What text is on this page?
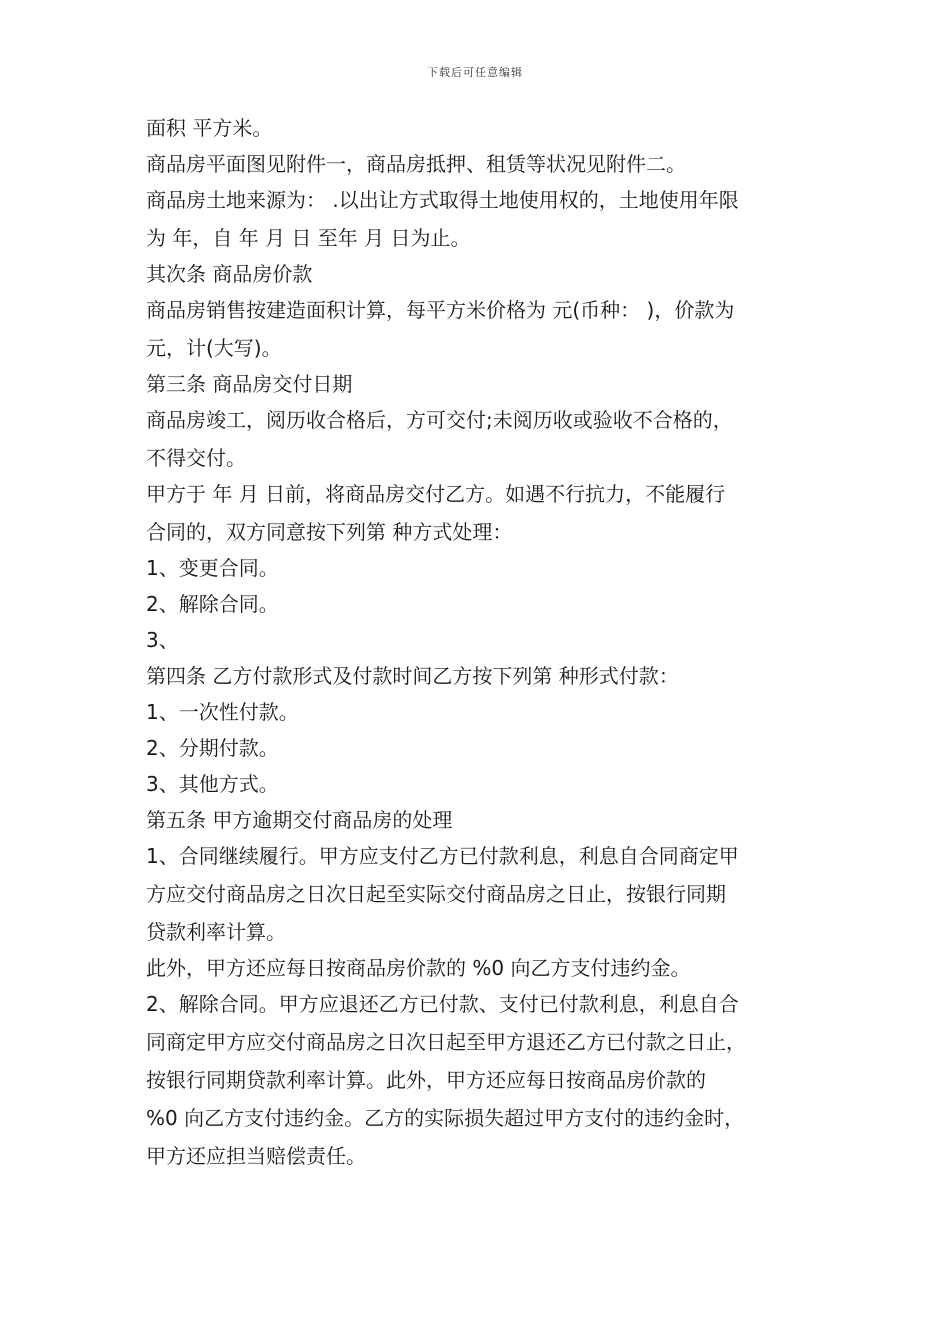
下载后可任意编辑
面积 平方米。
商品房平面图见附件一，商品房抵押、租赁等状况见附件二。
商品房土地来源为： .以出让方式取得土地使用权的，土地使用年限
为 年，自 年 月 日 至年 月 日为止。
其次条 商品房价款
商品房销售按建造面积计算，每平方米价格为 元(币种： )，价款为
元，计(大写)。
第三条 商品房交付日期
商品房竣工，阅历收合格后，方可交付;未阅历收或验收不合格的，
不得交付。
甲方于 年 月 日前，将商品房交付乙方。如遇不行抗力，不能履行
合同的，双方同意按下列第 种方式处理：
1、变更合同。
2、解除合同。
3、
第四条 乙方付款形式及付款时间乙方按下列第 种形式付款：
1、一次性付款。
2、分期付款。
3、其他方式。
第五条 甲方逾期交付商品房的处理
1、合同继续履行。甲方应支付乙方已付款利息，利息自合同商定甲
方应交付商品房之日次日起至实际交付商品房之日止，按银行同期
贷款利率计算。
此外，甲方还应每日按商品房价款的 %0 向乙方支付违约金。
2、解除合同。甲方应退还乙方已付款、支付已付款利息，利息自合
同商定甲方应交付商品房之日次日起至甲方退还乙方已付款之日止，
按银行同期贷款利率计算。此外，甲方还应每日按商品房价款的
%0 向乙方支付违约金。乙方的实际损失超过甲方支付的违约金时，
甲方还应担当赔偿责任。
